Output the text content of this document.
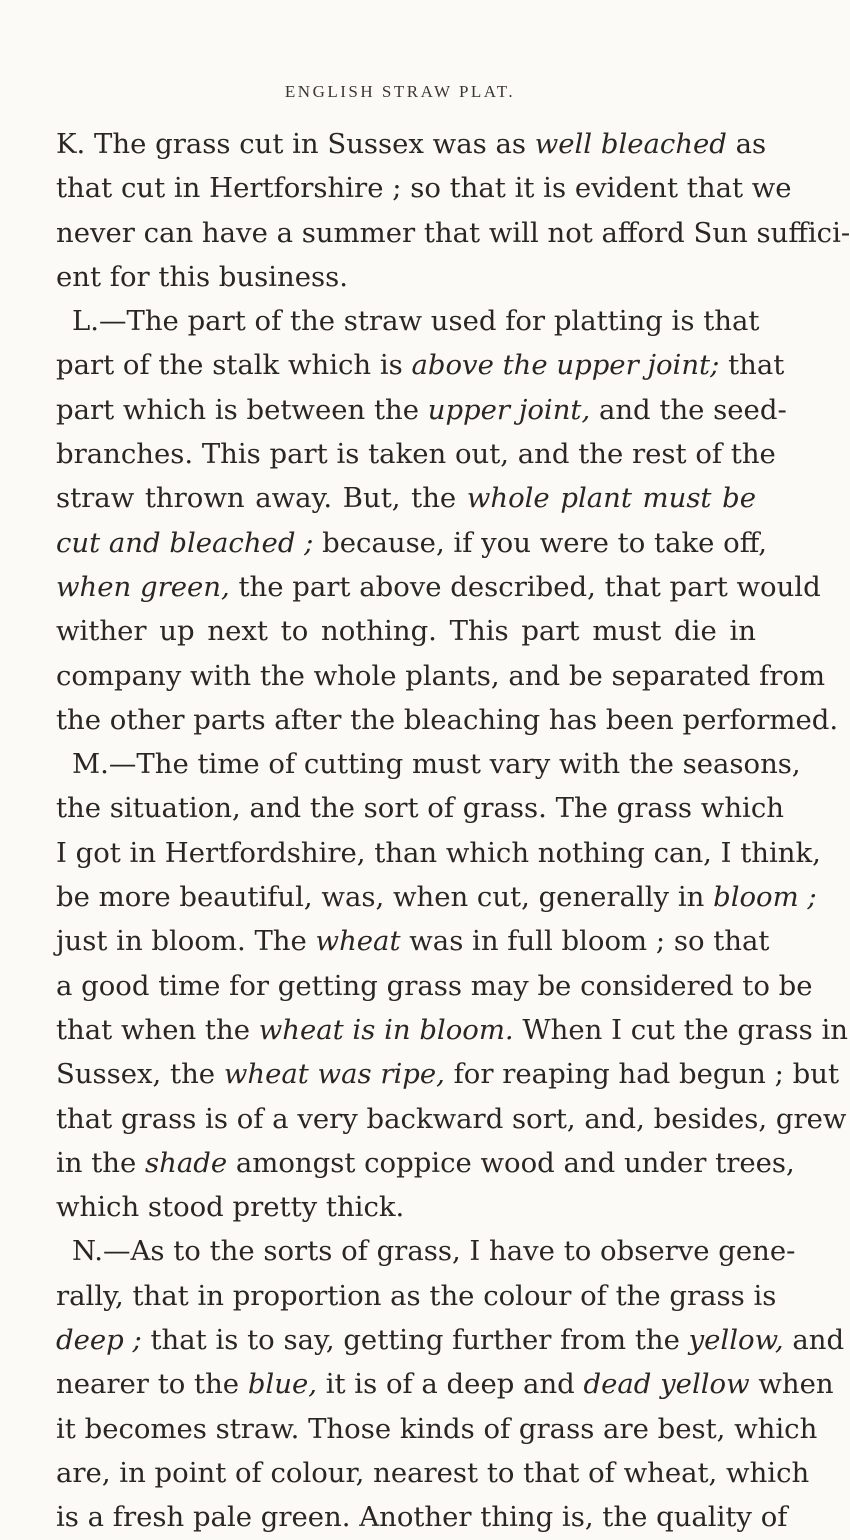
ENGLISH STRAW PLAT.
K. The grass cut in Sussex was as well bleached as
that cut in Hertforshire ; so that it is evident that we
never can have a summer that will not afford Sun suffici-
ent for this business.
L.—The part of the straw used for platting is that
part of the stalk which is above the upper joint; that
part which is between the upper joint, and the seed-
branches. This part is taken out, and the rest of the
straw thrown away. But, the whole plant must be
cut and bleached ; because, if you were to take off,
when green, the part above described, that part would
wither up next to nothing. This part must die in
company with the whole plants, and be separated from
the other parts after the bleaching has been performed.
M.—The time of cutting must vary with the seasons,
the situation, and the sort of grass. The grass which
I got in Hertfordshire, than which nothing can, I think,
be more beautiful, was, when cut, generally in bloom ;
just in bloom. The wheat was in full bloom ; so that
a good time for getting grass may be considered to be
that when the wheat is in bloom. When I cut the grass in
Sussex, the wheat was ripe, for reaping had begun ; but
that grass is of a very backward sort, and, besides, grew
in the shade amongst coppice wood and under trees,
which stood pretty thick.
N.—As to the sorts of grass, I have to observe gene-
rally, that in proportion as the colour of the grass is
deep ; that is to say, getting further from the yellow, and
nearer to the blue, it is of a deep and dead yellow when
it becomes straw. Those kinds of grass are best, which
are, in point of colour, nearest to that of wheat, which
is a fresh pale green. Another thing is, the quality of
